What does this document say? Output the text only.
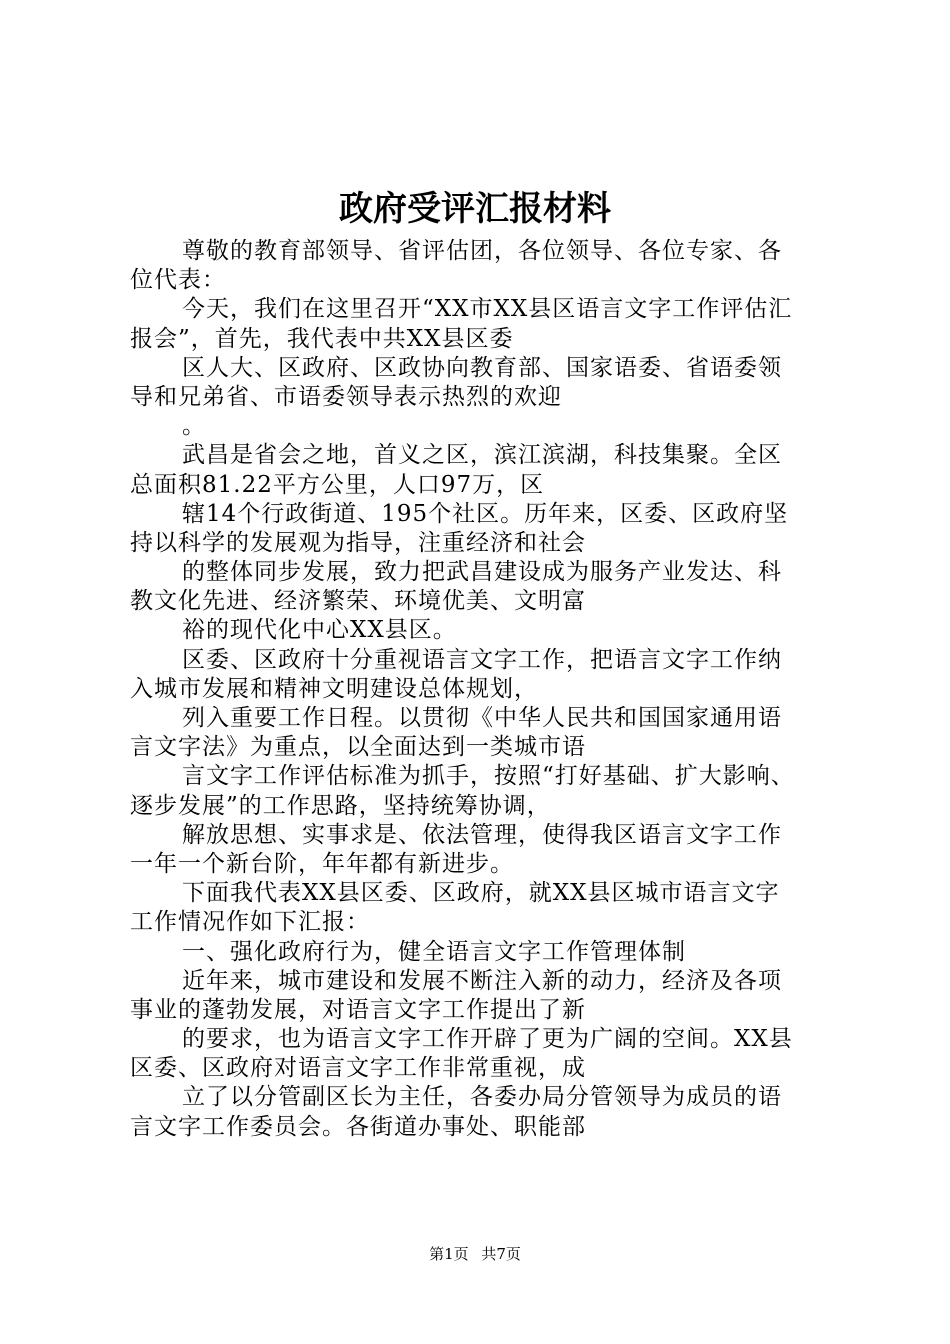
政府受评汇报材料
尊敬的教育部领导、省评估团，各位领导、各位专家、各
位代表：
今天，我们在这里召开“XX市XX县区语言文字工作评估汇
报会”，首先，我代表中共XX县区委
区人大、区政府、区政协向教育部、国家语委、省语委领
导和兄弟省、市语委领导表示热烈的欢迎
。
武昌是省会之地，首义之区，滨江滨湖，科技集聚。全区
总面积81.22平方公里，人口97万，区
辖14个行政街道、195个社区。历年来，区委、区政府坚
持以科学的发展观为指导，注重经济和社会
的整体同步发展，致力把武昌建设成为服务产业发达、科
教文化先进、经济繁荣、环境优美、文明富
裕的现代化中心XX县区。
区委、区政府十分重视语言文字工作，把语言文字工作纳
入城市发展和精神文明建设总体规划，
列入重要工作日程。以贯彻《中华人民共和国国家通用语
言文字法》为重点，以全面达到一类城市语
言文字工作评估标准为抓手，按照“打好基础、扩大影响、
逐步发展”的工作思路，坚持统筹协调，
解放思想、实事求是、依法管理，使得我区语言文字工作
一年一个新台阶，年年都有新进步。
下面我代表XX县区委、区政府，就XX县区城市语言文字
工作情况作如下汇报：
一、强化政府行为，健全语言文字工作管理体制
近年来，城市建设和发展不断注入新的动力，经济及各项
事业的蓬勃发展，对语言文字工作提出了新
的要求，也为语言文字工作开辟了更为广阔的空间。XX县
区委、区政府对语言文字工作非常重视，成
立了以分管副区长为主任，各委办局分管领导为成员的语
言文字工作委员会。各街道办事处、职能部
第1页 共7页
